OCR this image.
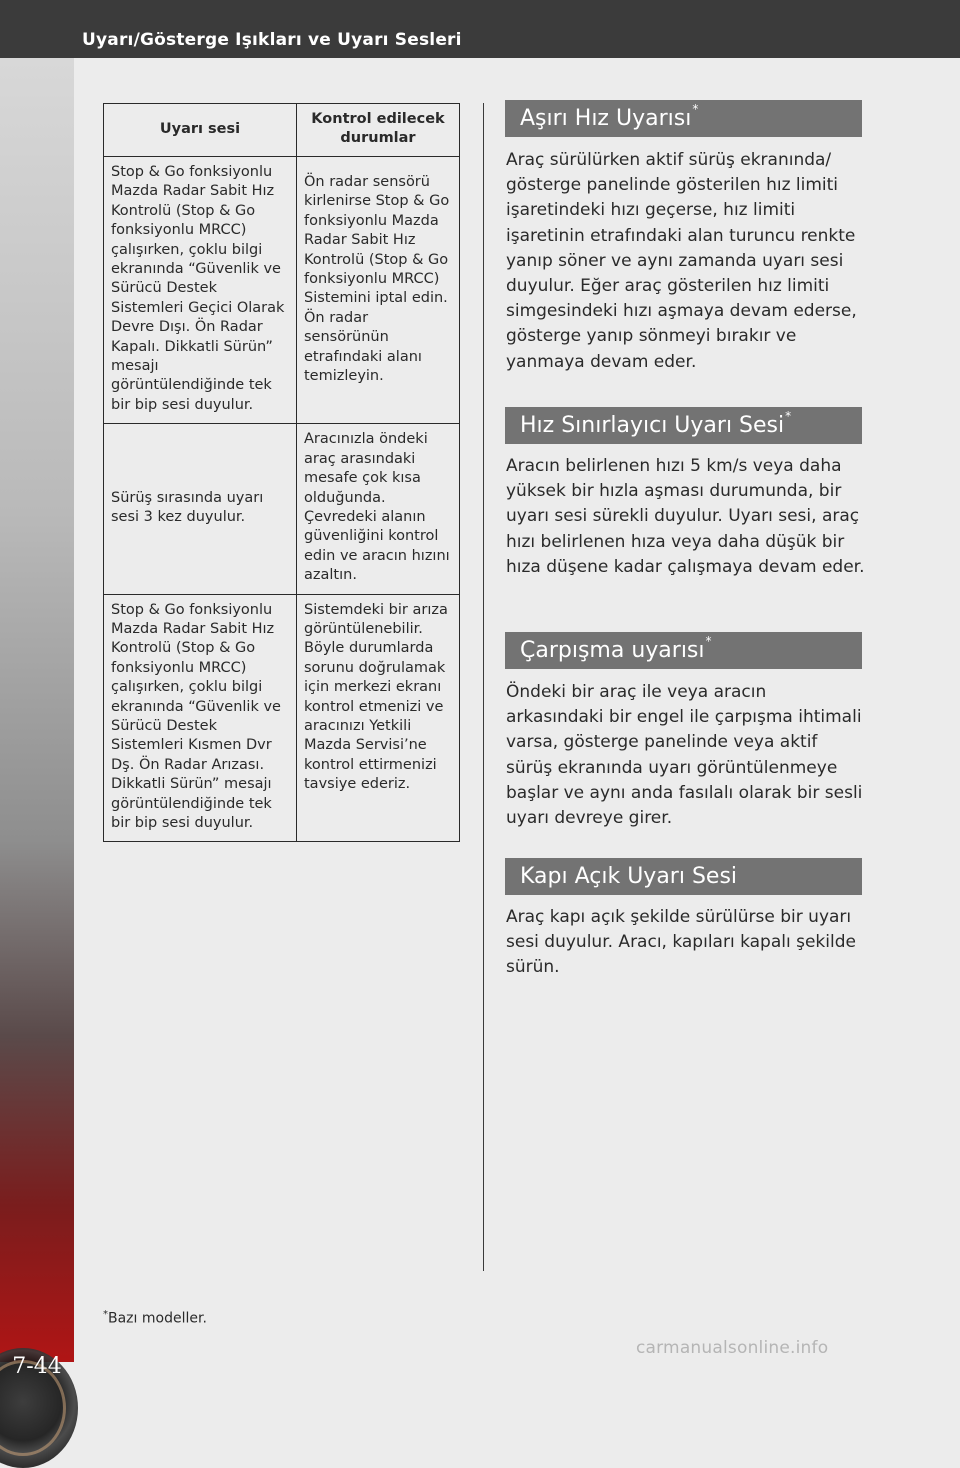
Uyarı/Gösterge Işıkları ve Uyarı Sesleri
7-44
Uyarı sesi	Kontrol edilecek durumlar
Stop & Go fonksiyonlu Mazda Radar Sabit Hız Kontrolü (Stop & Go fonksiyonlu MRCC) çalışırken, çoklu bilgi ekranında “Güvenlik ve Sürücü Destek Sistemleri Geçici Olarak Devre Dışı. Ön Radar Kapalı. Dikkatli Sürün” mesajı görüntülendiğinde tek bir bip sesi duyulur.	Ön radar sensörü kirlenirse Stop & Go fonksiyonlu Mazda Radar Sabit Hız Kontrolü (Stop & Go fonksiyonlu MRCC) Sistemini iptal edin. Ön radar sensörünün etrafındaki alanı temizleyin.
Sürüş sırasında uyarı sesi 3 kez duyulur.	Aracınızla öndeki araç arasındaki mesafe çok kısa olduğunda. Çevredeki alanın güvenliğini kontrol edin ve aracın hızını azaltın.
Stop & Go fonksiyonlu Mazda Radar Sabit Hız Kontrolü (Stop & Go fonksiyonlu MRCC) çalışırken, çoklu bilgi ekranında “Güvenlik ve Sürücü Destek Sistemleri Kısmen Dvr Dş. Ön Radar Arızası. Dikkatli Sürün” mesajı görüntülendiğinde tek bir bip sesi duyulur.	Sistemdeki bir arıza görüntülenebilir. Böyle durumlarda sorunu doğrulamak için merkezi ekranı kontrol etmenizi ve aracınızı Yetkili Mazda Servisi’ne kontrol ettirmenizi tavsiye ederiz.
Aşırı Hız Uyarısı*
Araç sürülürken aktif sürüş ekranında/ gösterge panelinde gösterilen hız limiti işaretindeki hızı geçerse, hız limiti işaretinin etrafındaki alan turuncu renkte yanıp söner ve aynı zamanda uyarı sesi duyulur. Eğer araç gösterilen hız limiti simgesindeki hızı aşmaya devam ederse, gösterge yanıp sönmeyi bırakır ve yanmaya devam eder.
Hız Sınırlayıcı Uyarı Sesi*
Aracın belirlenen hızı 5 km/s veya daha yüksek bir hızla aşması durumunda, bir uyarı sesi sürekli duyulur. Uyarı sesi, araç hızı belirlenen hıza veya daha düşük bir hıza düşene kadar çalışmaya devam eder.
Çarpışma uyarısı*
Öndeki bir araç ile veya aracın arkasındaki bir engel ile çarpışma ihtimali varsa, gösterge panelinde veya aktif sürüş ekranında uyarı görüntülenmeye başlar ve aynı anda fasılalı olarak bir sesli uyarı devreye girer.
Kapı Açık Uyarı Sesi
Araç kapı açık şekilde sürülürse bir uyarı sesi duyulur. Aracı, kapıları kapalı şekilde sürün.
*Bazı modeller.
carmanualsonline.info
